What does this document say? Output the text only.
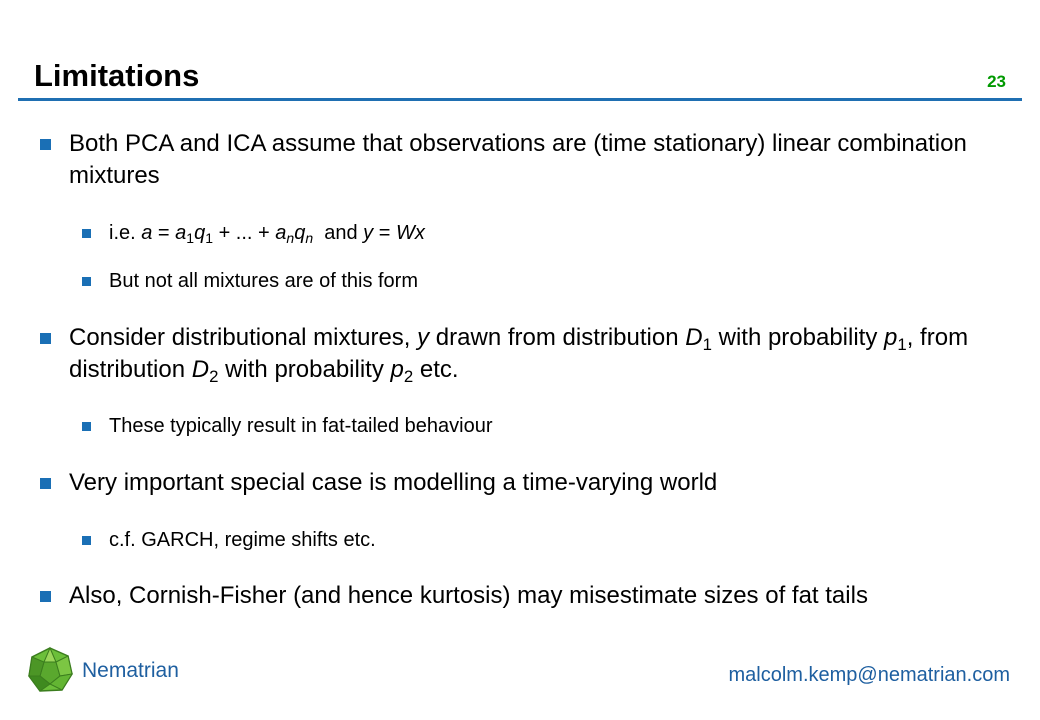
Limitations	23
Both PCA and ICA assume that observations are (time stationary) linear combination mixtures
i.e. $a = a_1q_1$ + ... + $a_nq_n$  and y = Wx
But not all mixtures are of this form
Consider distributional mixtures, y drawn from distribution $D_1$ with probability $p_1$, from distribution $D_2$ with probability $p_2$ etc.
These typically result in fat-tailed behaviour
Very important special case is modelling a time-varying world
c.f. GARCH, regime shifts etc.
Also, Cornish-Fisher (and hence kurtosis) may misestimate sizes of fat tails
Nematrian	malcolm.kemp@nematrian.com
